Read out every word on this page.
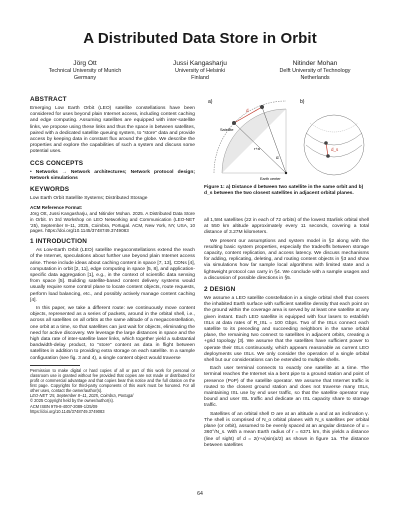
A Distributed Data Store in Orbit
Jörg Ott
Technical University of Munich
Germany
Jussi Kangasharju
University of Helsinki
Finland
Nitinder Mohan
Delft University of Technology
Netherlands
ABSTRACT

Emerging Low Earth Orbit (LEO) satellite constellations have been considered for uses beyond plain Internet access, including content caching and edge computing. Assuming satellites are equipped with inter-satellite links, we propose using these links and thus the space in between satellites, paired with a dedicated satellite queuing system, to “store” data and provide access by keeping data in constant flux around the globe. We describe the properties and explore the capabilities of such a system and discuss some potential uses.

CCS CONCEPTS

• Networks → Network architectures; Network protocol design; Network simulations

KEYWORDS

Low Earth Orbit Satellite Systems; Distributed Storage

ACM Reference Format:
Jörg Ott, Jussi Kangasharju, and Nitinder Mohan. 2025. A Distributed Data Store in Orbit. In 3rd Workshop on LEO Networking and Communication (LEO-NET ’25), September 8–11, 2025, Coimbra, Portugal. ACM, New York, NY, USA, 10 pages. https://doi.org/10.1145/3748749.3749083
1 INTRODUCTION

As Low-Earth Orbit (LEO) satellite megaconstellations extend the reach of the Internet, speculations about further use beyond plain Internet access arise. These include ideas about caching content in space [7, 13], CDNs [4], computation in orbit [2, 11], edge computing in space [5, 8], and application-specific data aggregation [1], e.g., in the context of scientific data sensing from space [5]. Building satellite-based content delivery systems would usually require some control plane to locate content objects, route requests, perform load balancing, etc., and possibly actively manage content caching [4].

In this paper, we take a different route: we continuously move content objects, represented as a series of packets, around in the orbital shell, i.e., across all satellites on all orbits at the same altitude of a megaconstellation, one orbit at a time, so that satellites can just wait for objects, eliminating the need for active discovery. We leverage the large distances in space and the high data rate of inter-satellite laser links, which together yield a substantial bandwidth-delay product, to “store” content as data in flight between satellites in addition to providing extra storage on each satellite. In a sample configuration (see fig. 3 and 4), a single content object would traverse

Permission to make digital or hard copies of all or part of this work for personal or classroom use is granted without fee provided that copies are not made or distributed for profit or commercial advantage and that copies bear this notice and the full citation on the first page. Copyrights for third-party components of this work must be honored. For all other uses, contact the owner/author(s).
LEO-NET ’25, September 8–11, 2025, Coimbra, Portugal
© 2025 Copyright held by the owner/author(s).
ACM ISBN 979-8-4007-2089-1/25/09
https://doi.org/10.1145/3748749.3749083
a)
d
α
r+a
Satellite
Earth center
b)
d_s
Figure 1: a) Distance d between two satellite in the same orbit and b) d_s between the two closest satellites in adjacent orbital planes.

all 1,584 satellites (22 in each of 72 orbits) of the lowest Starlink orbital shell at 550 km altitude approximately every 11 seconds, covering a total distance of 3.27M kilometers.

We present our assumptions and system model in §2 along with the resulting basic system properties, especially the tradeoffs between storage capacity, content replication, and access latency. We discuss mechanisms for adding, replicating, deleting, and routing content objects in §3 and show via simulations how far sample local algorithms with limited state and a lightweight protocol can carry in §4. We conclude with a sample usages and a discussion of possible directions in §5.

2 DESIGN

We assume a LEO satellite constellation in a single orbital shell that covers the inhabited Earth surface with sufficient satellite density that each point on the ground within the coverage area is served by at least one satellite at any given instant. Each LEO satellite is equipped with four lasers to establish ISLs at data rates of R_ISL = 100 Gbps. Two of the ISLs connect each satellite to its preceding and succeeding neighbors in the same orbital plane, the remaining two connect to satellites in adjacent orbits, creating a +grid topology [3]. We assume that the satellites have sufficient power to operate their ISLs continuously, which appears reasonable as current LEO deployments use ISLs. We only consider the operation of a single orbital shell but our considerations can be extended to multiple shells.

Each user terminal connects to exactly one satellite at a time. The terminal reaches the Internet via a bent pipe to a ground station and point of presence (PoP) of the satellite operator. We assume that Internet traffic is routed to the closest ground station and does not traverse many ISLs, maintaining ISL use by end user traffic, so that the satellite operator may bound and user ISL traffic and dedicate an ISL capacity share to storage traffic.

Satellites of an orbital shell O are at an altitude a and at an inclination γ. The shell is comprised of N_o orbital planes with N_s satellites per orbital plane (or orbit), assumed to be evenly spaced at an angular distance of α = 360°/N_s. With a mean Earth radius of r = 6371 km, this yields a distance (line of sight) of d = 2(r+a)sin(α/2) as shown in figure 1a. The distance between satellites

64
